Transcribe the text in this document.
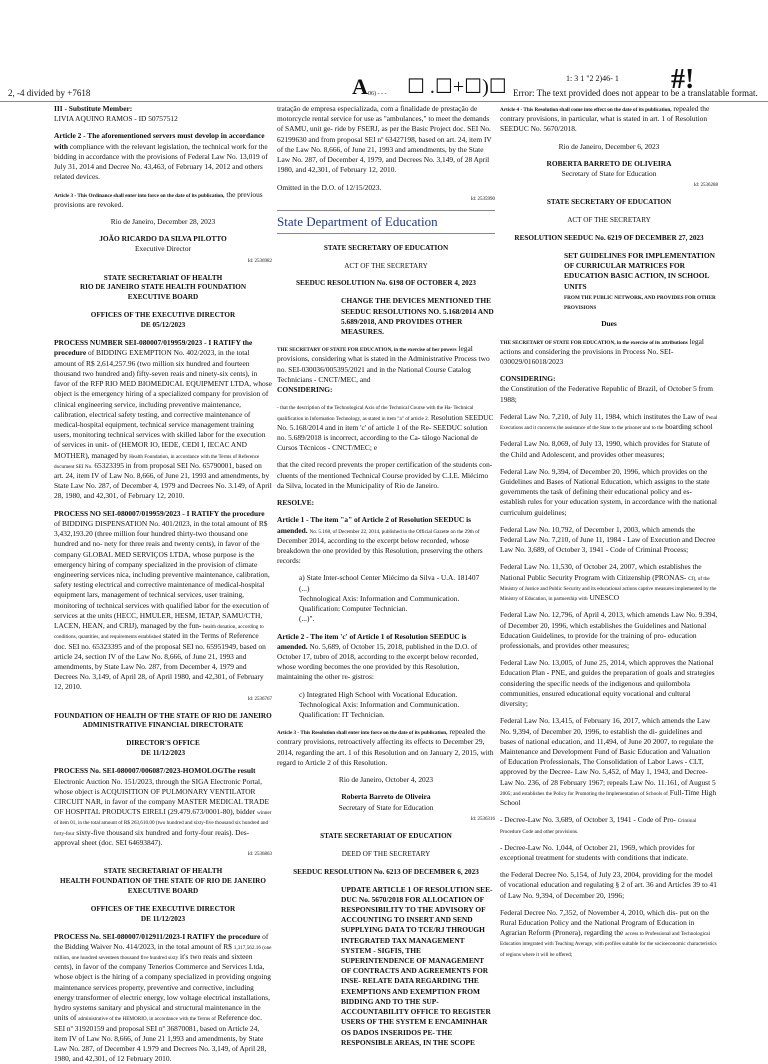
2, -4 divided by +7618	A ☐ .☐+☐)☐
-06) - - -
1: 3 1 "2 2)46- 1
Error: The text provided does not appear to be a translatable format.
#!

III - Substitute Member:
LIVIA AQUINO RAMOS - ID 50757512

Article 2 - The aforementioned servers must develop in accordance with compliance with the relevant legislation, the technical work for the bidding in accordance with the provisions of Federal Law No. 13,019 of July 31, 2014 and Decree No. 43,463, of February 14, 2012 and others related devices.

Article 3 - This Ordinance shall enter into force on the date of its publication, the previous provisions are revoked.

Rio de Janeiro, December 28, 2023

JOÃO RICARDO DA SILVA PILOTTO
Executive Director

Id: 2536982
STATE SECRETARIAT OF HEALTH
RIO DE JANEIRO STATE HEALTH FOUNDATION
EXECUTIVE BOARD
OFFICES OF THE EXECUTIVE DIRECTOR
DE 05/12/2023

PROCESS NUMBER SEI-080007/019959/2023 - I RATIFY the procedure of BIDDING EXEMPTION No. 402/2023, in the total amount of R$ 2,614,257.96 (two million six hundred and fourteen thousand two hundred and) fifty-seven reais and ninety-six cents), in favor of the RFP RIO MED BIOMEDICAL EQUIPMENT LTDA, whose object is the emergency hiring of a specialized company for provision of clinical engineering service, including preventive maintenance, calibration, electrical safety testing, and corrective maintenance of medical-hospital equipment, technical service management training users, monitoring technical services with skilled labor for the execution of services in unit- of (HEMOR IO, IEDE, CEDI I, IECAC AND MOTHER), managed by Health Foundation, in accordance with the Terms of Reference document SEI No. 65323395 in from proposal SEI No. 65790001, based on art. 24, item IV of Law No. 8,666, of June 21, 1993 and amendments, by State Law No. 287, of December 4, 1979 and Decrees No. 3.149, of April 28, 1980, and 42,301, of February 12, 2010.

PROCESS NO SEI-080007/019959/2023 - I RATIFY the procedure of BIDDING DISPENSATION No. 401/2023, in the total amount of R$ 3,432,193.20 (three million four hundred thirty-two thousand one hundred and no- nety for three reais and twenty cents), in favor of the company GLOBAL MED SERVIÇOS LTDA, whose purpose is the emergency hiring of company specialized in the provision of climate engineering services nica, including preventive maintenance, calibration, safety testing electrical and corrective maintenance of medical-hospital equipment lars, management of technical services, user training, monitoring of technical services with qualified labor for the execution of services at the units (HECC, HMULER, HESM, IETAP, SAMU/CTH, LACEN, HEAN, and CRIJ), managed by the fun- health donation, according to conditions, quantities, and requirements established stated in the Terms of Reference doc. SEI no. 65323395 and of the proposal SEI no. 65951949, based on article 24, section IV of the Law No. 8,666, of June 21, 1993 and amendments, by State Law No. 287, from December 4, 1979 and Decrees No. 3,149, of April 28, of April 1980, and 42,301, of February 12, 2010.

Id: 2536767
FOUNDATION OF HEALTH OF THE STATE OF RIO DE JANEIRO
ADMINISTRATIVE FINANCIAL DIRECTORATE
DIRECTOR'S OFFICE
DE 11/12/2023

PROCESS No. SEI-080007/006087/2023-HOMOLOGThe result Electronic Auction No. 151/2023, through the SIGA Electronic Portal, whose object is ACQUISITION OF PULMONARY VENTILATOR CIRCUIT NAR, in favor of the company MASTER MEDICAL TRADE OF HOSPITAL PRODUCTS EIRELI (29.479.673/0001-80), bidder winner of item 01, in the total amount of R$ 263,610.00 (two hundred and sixty-five thousand six hundred and forty-four sixty-five thousand six hundred and forty-four reais). Des- approval sheet (doc. SEI 64693847).

Id: 2536863
STATE SECRETARIAT OF HEALTH
HEALTH FOUNDATION OF THE STATE OF RIO DE JANEIRO
EXECUTIVE BOARD
OFFICES OF THE EXECUTIVE DIRECTOR
DE 11/12/2023

PROCESS No. SEI-080007/012911/2023-I RATIFY the procedure of the Bidding Waiver No. 414/2023, in the total amount of R$ 1,317,562.16 (one million, one hundred seventeen thousand five hundred sixty it's two reais and sixteen cents), in favor of the company Tenerios Commerce and Services Ltda, whose object is the hiring of a company specialized in providing ongoing maintenance services property, preventive and corrective, including energy transformer of electric energy, low voltage electrical installations, hydro systems sanitary and physical and structural maintenance in the units of administrative of the HEMORIO, in accordance with the Terms of Reference doc. SEI nº 31920159 and proposal SEI nº 36870081, based on Article 24, item IV of Law No. 8,666, of June 21 1,993 and amendments, by State Law No. 287, of December 4 1.979 and Decrees No. 3,149, of April 28, 1980, and 42,301, of 12 February 2010.

tratação de empresa especializada, com a finalidade de prestação de motorcycle rental service for use as "ambulances," to meet the demands of SAMU, unit ge- ride by FSERJ, as per the Basic Project doc. SEI No. 62199630 and from proposal SEI nº 63427198, based on art. 24, item IV of the Law No. 8,666, of June 21, 1993 and amendments, by the State Law No. 287, of December 4, 1979, and Decrees No. 3,149, of 28 April 1980, and 42,301, of February 12, 2010.

Omitted in the D.O. of 12/15/2023.

Id: 2535990
State Department of Education
STATE SECRETARY OF EDUCATION
ACT OF THE SECRETARY
SEEDUC RESOLUTION No. 6198 OF OCTOBER 4, 2023

CHANGE THE DEVICES MENTIONED THE SEEDUC RESOLUTIONS NO. 5.168/2014 AND 5.689/2018, AND PROVIDES OTHER MEASURES.

THE SECRETARY OF STATE FOR EDUCATION, in the exercise of her powers legal provisions, considering what is stated in the Administrative Process two no. SEI-030036/005395/2021 and in the National Course Catalog Technicians - CNCT/MEC, and
CONSIDERING:

- that the description of the Technological Axis of the Technical Course with the Ha- Technical qualification in Information Technology, as stated in item "a" of article 2. Resolution SEEDUC No. 5.168/2014 and in item 'c' of article 1 of the Re- SEEDUC solution no. 5.689/2018 is incorrect, according to the Ca- tálogo Nacional de Cursos Técnicos - CNCT/MEC; e

that the cited record prevents the proper certification of the students con- cluents of the mentioned Technical Course provided by C.I.E. Miécimo da Silva, located in the Municipality of Rio de Janeiro.

RESOLVE:

Article 1 - The item "a" of Article 2 of Resolution SEEDUC is amended. No. 5.168, of December 22, 2014, published in the Official Gazette on the 29th of December 2014, according to the excerpt below recorded, whose breakdown the one provided by this Resolution, preserving the others records:

a) State Inter-school Center Miécimo da Silva - U.A. 181407
(...)
Technological Axis: Information and Communication.
Qualification: Computer Technician.
(...)".

Article 2 - The item 'c' of Article 1 of Resolution SEEDUC is amended. No. 5,689, of October 15, 2018, published in the D.O. of October 17, tubro of 2018, according to the excerpt below recorded, whose wording becomes the one provided by this Resolution, maintaining the other re- gistros:

c) Integrated High School with Vocational Education.
Technological Axis: Information and Communication.
Qualification: IT Technician.

Article 3 - This Resolution shall enter into force on the date of its publication, repealed the contrary provisions, retroactively affecting its effects to December 29, 2014, regarding the art. 1 of this Resolution and on January 2, 2015, with regard to Article 2 of this Resolution.

Rio de Janeiro, October 4, 2023

Roberta Barreto de Oliveira
Secretary of State for Education

Id: 2536316
STATE SECRETARIAT OF EDUCATION
DEED OF THE SECRETARY
SEEDUC RESOLUTION No. 6213 OF DECEMBER 6, 2023

UPDATE ARTICLE 1 OF RESOLUTION SEE- DUC No. 5670/2018 FOR ALLOCATION OF RESPONSIBILITY TO THE ADVISORY OF ACCOUNTING TO INSERT AND SEND SUPPLYING DATA TO TCE/RJ THROUGH INTEGRATED TAX MANAGEMENT SYSTEM - SIGFIS, THE SUPERINTENDENCE OF MANAGEMENT OF CONTRACTS AND AGREEMENTS FOR INSE- RELATE DATA REGARDING THE EXEMPTIONS AND EXEMPTION FROM BIDDING AND TO THE SUP- ACCOUNTABILITY OFFICE TO REGISTER USERS OF THE SYSTEM E ENCAMINHAR OS DADOS INSERIDOS PE- THE RESPONSIBLE AREAS, IN THE SCOPE

Article 4 - This Resolution shall come into effect on the date of its publication, repealed the contrary provisions, in particular, what is stated in art. 1 of Resolution SEEDUC No. 5670/2018.

Rio de Janeiro, December 6, 2023

ROBERTA BARRETO DE OLIVEIRA
Secretary of State for Education

Id: 2536288
STATE SECRETARY OF EDUCATION
ACT OF THE SECRETARY
RESOLUTION SEEDUC No. 6219 OF DECEMBER 27, 2023

SET GUIDELINES FOR IMPLEMENTATION OF CURRICULAR MATRICES FOR EDUCATION BASIC ACTION, IN SCHOOL UNITS
FROM THE PUBLIC NETWORK, AND PROVIDES FOR OTHER PROVISIONS

Dues

THE SECRETARY OF STATE FOR EDUCATION, in the exercise of its attributions legal actions and considering the provisions in Process No. SEI- 030029/016018/2023

CONSIDERING:
the Constitution of the Federative Republic of Brazil, of October 5 from 1988;

Federal Law No. 7,210, of July 11, 1984, which institutes the Law of Penal Executions and it concerns the assistance of the State to the prisoner and to the boarding school

Federal Law No. 8,069, of July 13, 1990, which provides for Statute of the Child and Adolescent, and provides other measures;

Federal Law No. 9,394, of December 20, 1996, which provides on the Guidelines and Bases of National Education, which assigns to the state governments the task of defining their educational policy and es- establish rules for your education system, in accordance with the national curriculum guidelines;

Federal Law No. 10,792, of December 1, 2003, which amends the Federal Law No. 7,210, of June 11, 1984 - Law of Execution and Decree Law No. 3,689, of October 3, 1941 - Code of Criminal Process;

Federal Law No. 11,530, of October 24, 2007, which establishes the National Public Security Program with Citizenship (PRONAS- CI), of the Ministry of Justice and Public Security and its educational actions captive measures implemented by the Ministry of Education, in partnership with UNESCO

Federal Law No. 12,796, of April 4, 2013, which amends Law No. 9.394, of December 20, 1996, which establishes the Guidelines and National Education Guidelines, to provide for the training of pro- education professionals, and provides other measures;

Federal Law No. 13,005, of June 25, 2014, which approves the National Education Plan - PNE, and guides the preparation of goals and strategies considering the specific needs of the indigenous and quilombola communities, ensured educational equity vocational and cultural diversity;

Federal Law No. 13,415, of February 16, 2017, which amends the Law No. 9,394, of December 20, 1996, to establish the di- guidelines and bases of national education, and 11,494, of June 20 2007, to regulate the Maintenance and Development Fund of Basic Education and Valuation of Education Professionals, The Consolidation of Labor Laws - CLT, approved by the Decree- Law No. 5,452, of May 1, 1943, and Decree-Law No. 236, of 28 February 1967; repeals Law No. 11.161, of August 5 2005; and establishes the Policy for Promoting the Implementation of Schools of Full-Time High School

- Decree-Law No. 3,689, of October 3, 1941 - Code of Pro- Criminal Procedure Code and other provisions.

- Decree-Law No. 1,044, of October 21, 1969, which provides for exceptional treatment for students with conditions that indicate.

the Federal Decree No. 5,154, of July 23, 2004, providing for the model of vocational education and regulating § 2 of art. 36 and Articles 39 to 41 of Law No. 9,394, of December 20, 1996;

Federal Decree No. 7,352, of November 4, 2010, which dis- put on the Rural Education Policy and the National Program of Education in Agrarian Reform (Pronera), regarding the access to Professional and Technological Education integrated with Teaching Average, with profiles suitable for the socioeconomic characteristics of regions where it will be offered;
